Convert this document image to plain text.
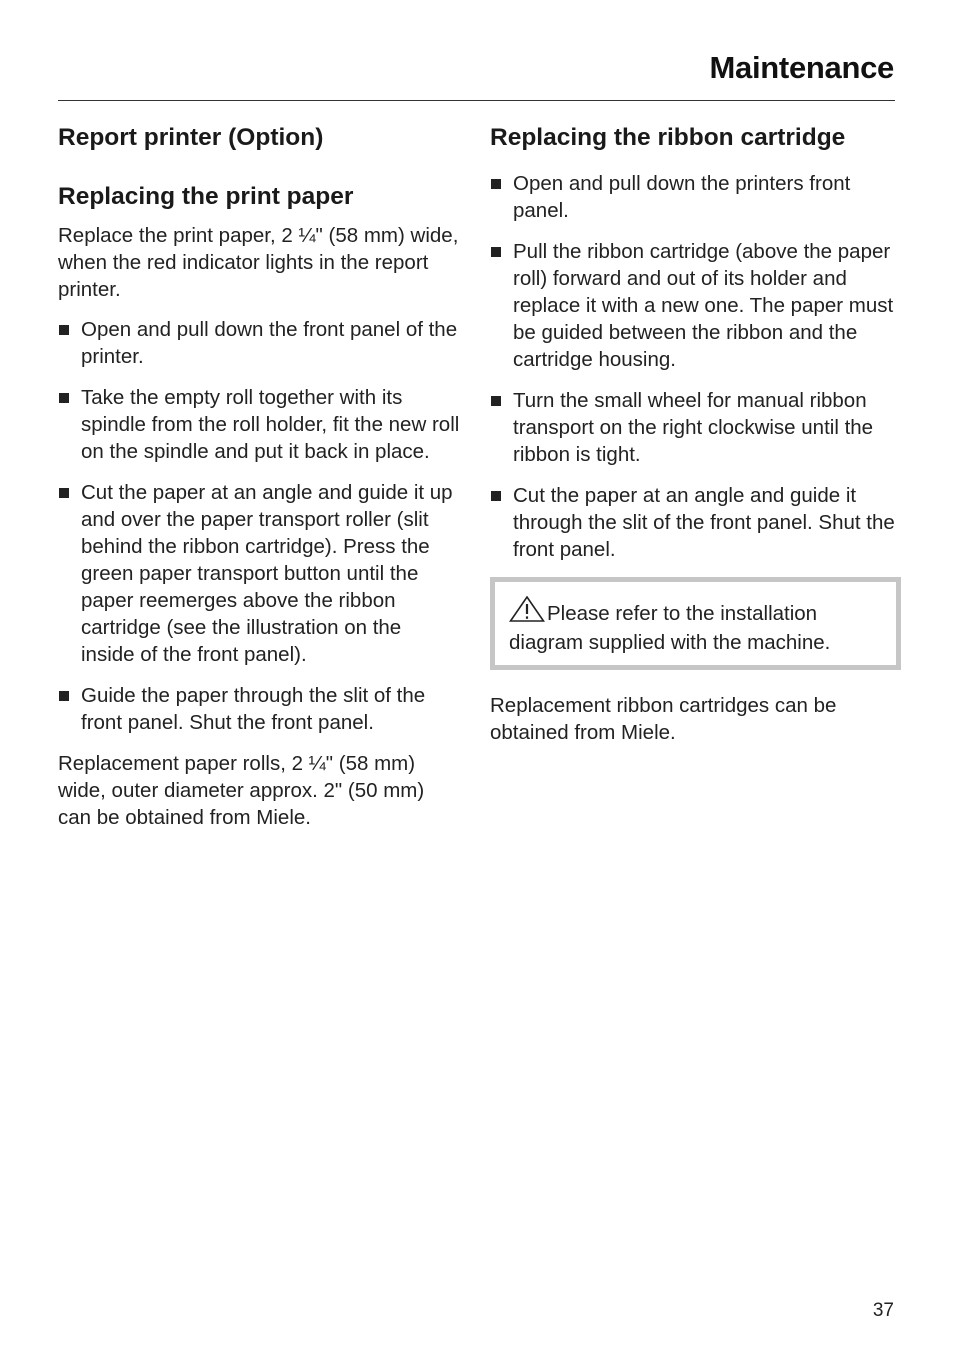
Maintenance
Report printer (Option)
Replacing the print paper

Replace the print paper, 2 ¼" (58 mm) wide, when the red indicator lights in the report printer.

Open and pull down the front panel of the printer.
Take the empty roll together with its spindle from the roll holder, fit the new roll on the spindle and put it back in place.
Cut the paper at an angle and guide it up and over the paper transport roller (slit behind the ribbon cartridge). Press the green paper transport button until the paper reemerges above the ribbon cartridge (see the illustration on the inside of the front panel).
Guide the paper through the slit of the front panel. Shut the front panel.

Replacement paper rolls, 2 ¼" (58 mm) wide, outer diameter approx. 2" (50 mm) can be obtained from Miele.

Replacing the ribbon cartridge
Open and pull down the printers front panel.
Pull the ribbon cartridge (above the paper roll) forward and out of its holder and replace it with a new one. The paper must be guided between the ribbon and the cartridge housing.
Turn the small wheel for manual ribbon transport on the right clockwise until the ribbon is tight.
Cut the paper at an angle and guide it through the slit of the front panel. Shut the front panel.
Please refer to the installation diagram supplied with the machine.

Replacement ribbon cartridges can be obtained from Miele.

37
